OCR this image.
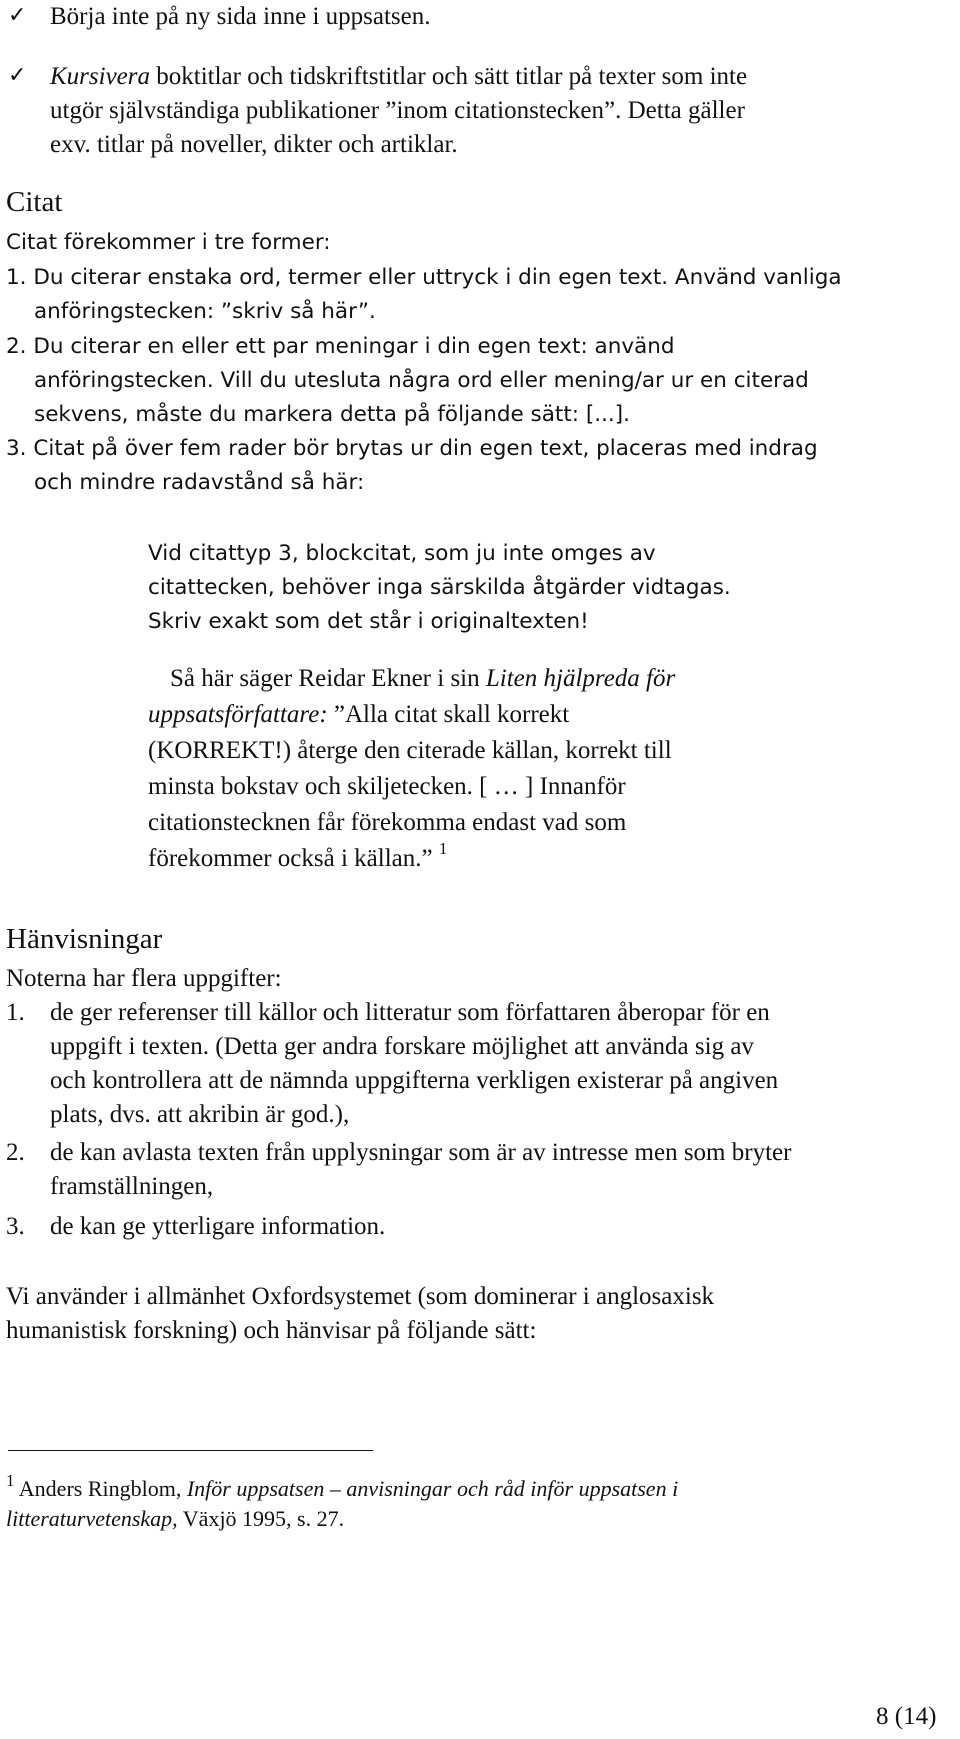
✓ Börja inte på ny sida inne i uppsatsen.
✓ Kursivera boktitlar och tidskriftstitlar och sätt titlar på texter som inte
utgör självständiga publikationer ”inom citationstecken”. Detta gäller
exv. titlar på noveller, dikter och artiklar.
Citat
Citat förekommer i tre former:
1. Du citerar enstaka ord, termer eller uttryck i din egen text. Använd vanliga
anföringstecken: ”skriv så här”.
2. Du citerar en eller ett par meningar i din egen text: använd
anföringstecken. Vill du utesluta några ord eller mening/ar ur en citerad
sekvens, måste du markera detta på följande sätt: [...].
3. Citat på över fem rader bör brytas ur din egen text, placeras med indrag
och mindre radavstånd så här:
Vid citattyp 3, blockcitat, som ju inte omges av
citattecken, behöver inga särskilda åtgärder vidtagas.
Skriv exakt som det står i originaltexten!
Så här säger Reidar Ekner i sin Liten hjälpreda för
uppsatsförfattare: ”Alla citat skall korrekt
(KORREKT!) återge den citerade källan, korrekt till
minsta bokstav och skiljetecken. [ … ] Innanför
citationstecknen får förekomma endast vad som
förekommer också i källan.” $^1$
Hänvisningar
Noterna har flera uppgifter:
1. de ger referenser till källor och litteratur som författaren åberopar för en
uppgift i texten. (Detta ger andra forskare möjlighet att använda sig av
och kontrollera att de nämnda uppgifterna verkligen existerar på angiven
plats, dvs. att akribin är god.),
2. de kan avlasta texten från upplysningar som är av intresse men som bryter
framställningen,
3. de kan ge ytterligare information.
Vi använder i allmänhet Oxfordsystemet (som dominerar i anglosaxisk
humanistisk forskning) och hänvisar på följande sätt:
$^1$ Anders Ringblom, Inför uppsatsen – anvisningar och råd inför uppsatsen i
litteraturvetenskap, Växjö 1995, s. 27.
8 (14)
